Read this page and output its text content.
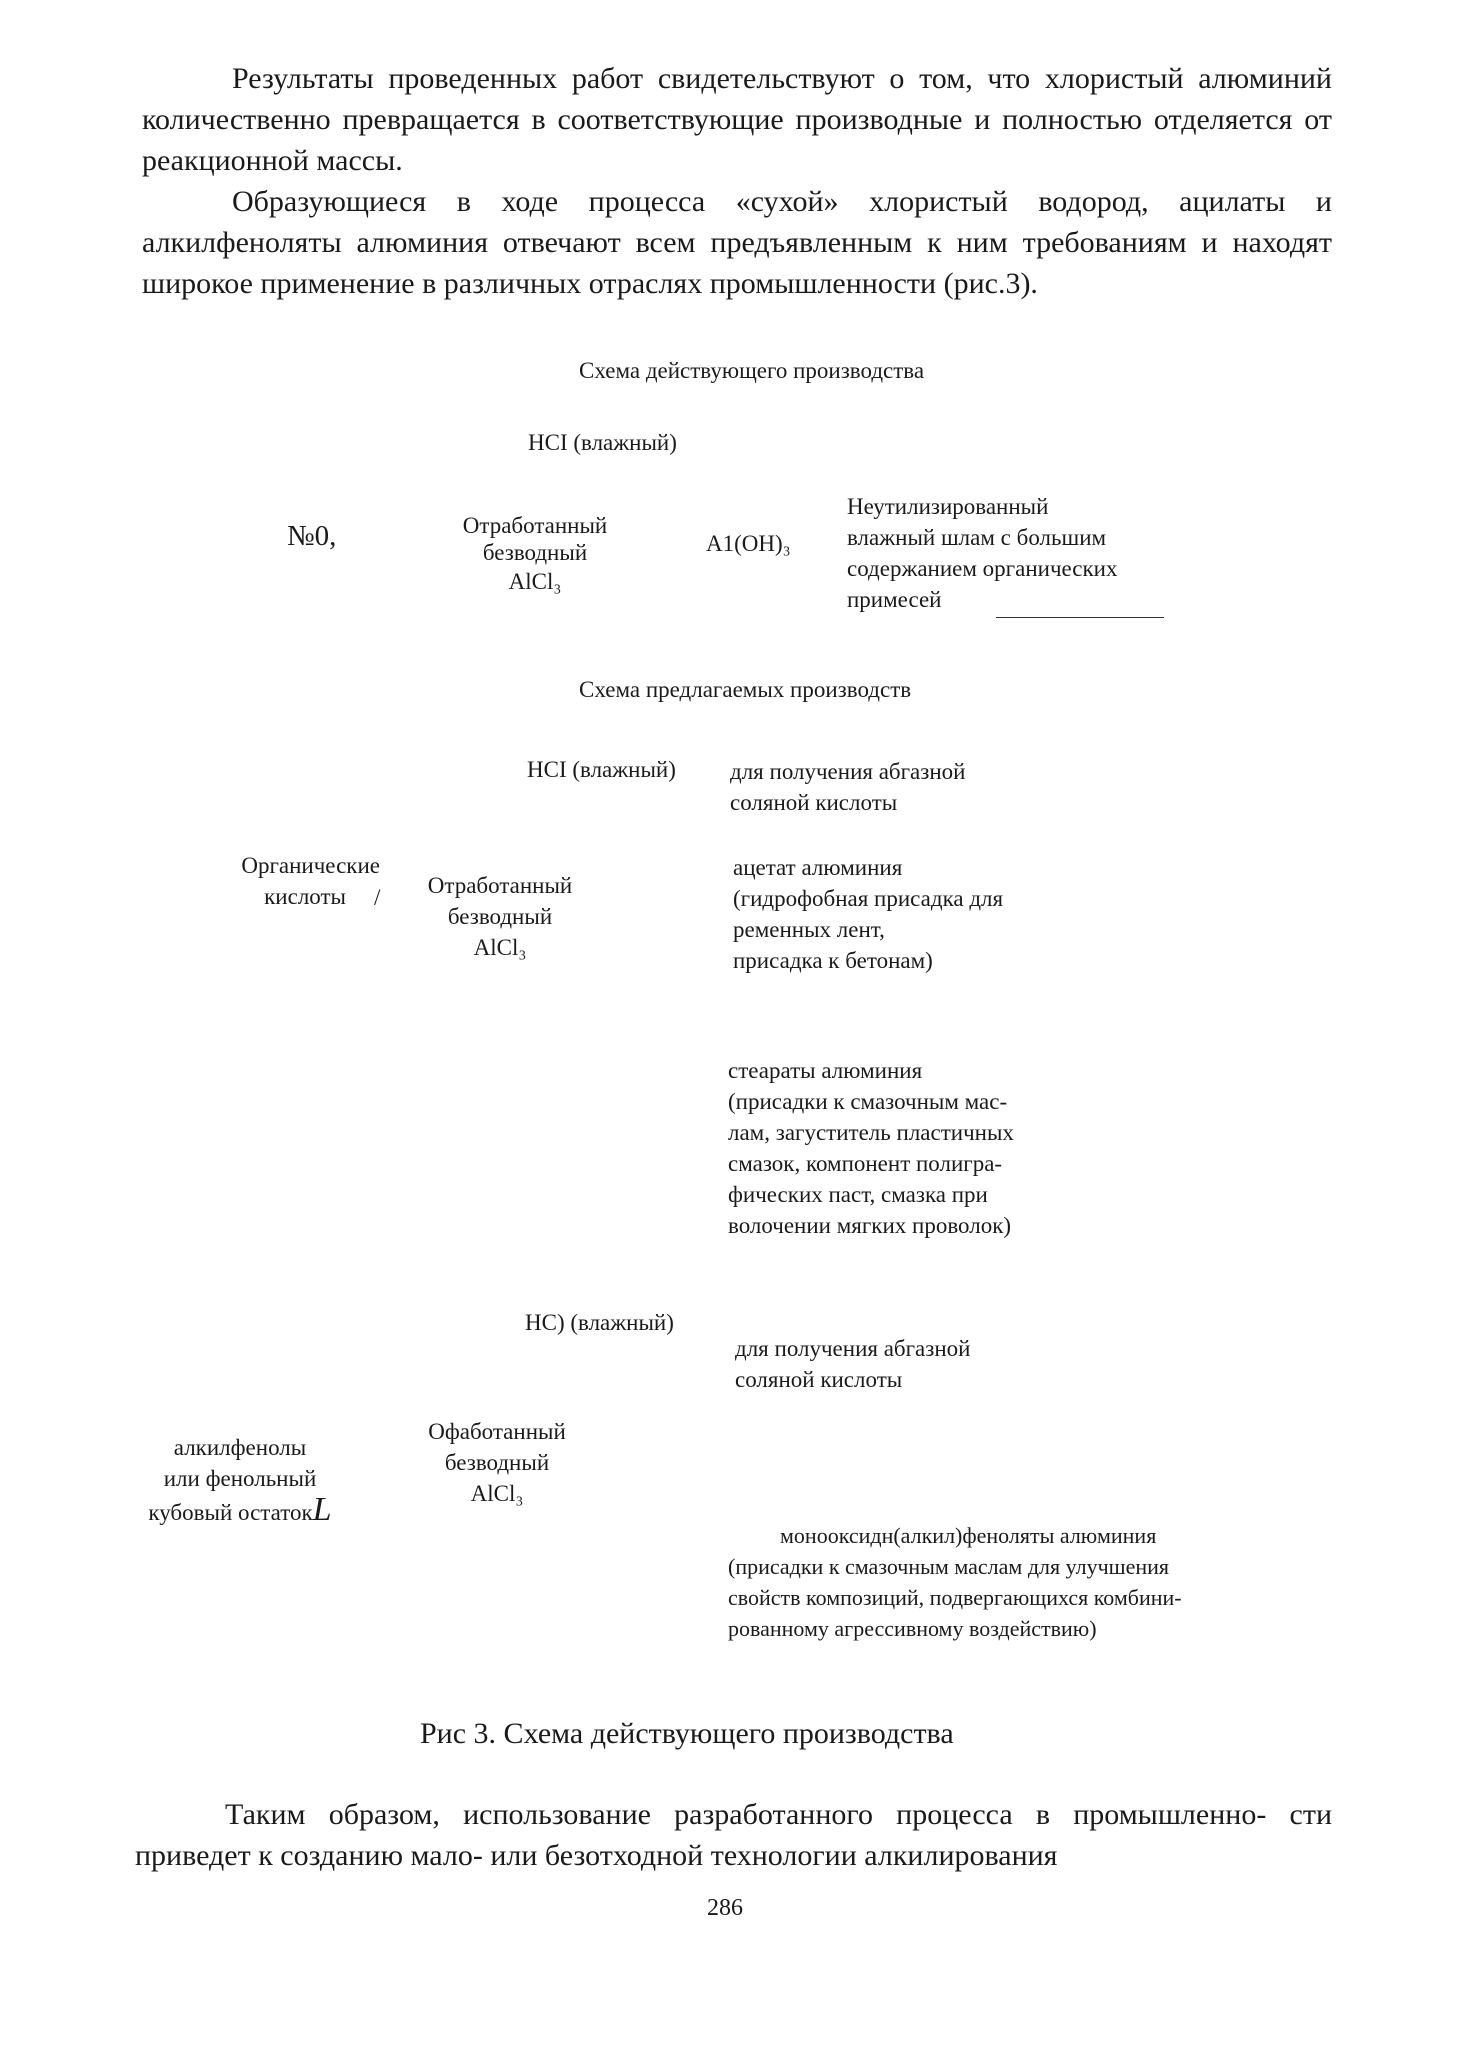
Результаты проведенных работ свидетельствуют о том, что хлористый алюминий количественно превращается в соответствующие производные и полностью отделяется от реакционной массы.

Образующиеся в ходе процесса «сухой» хлористый водород, ацилаты и алкилфеноляты алюминия отвечают всем предъявленным к ним требованиям и находят широкое применение в различных отраслях промышленности (рис.3).

Схема действующего производства
HCI (влажный)
№0,	Отработанный
безводный
AlCl₃
A1(OH)₃
Неутилизированный
влажный шлам с большим
содержанием органических
примесей
Схема предлагаемых производств
HCI (влажный) для получения абгазной
соляной кислоты
Органические
кислоты /	Отработанный
безводный
AlCl₃
ацетат алюминия
(гидрофобная присадка для
ременных лент,
присадка к бетонам)
стеараты алюминия
(присадки к смазочным мас-
лам, загуститель пластичных
смазок, компонент полигра-
фических паст, смазка при
волочении мягких проволок)
НС) (влажный)
для получения абгазной
соляной кислоты
алкилфенолы
или фенольный
кубовый остатокL
Офаботанный
безводный
AlCl₃
монооксидн(алкил)феноляты алюминия
(присадки к смазочным маслам для улучшения
свойств композиций, подвергающихся комбини-
рованному агрессивному воздействию)
Рис 3. Схема действующего производства

Таким образом, использование разработанного процесса в промышленно- сти приведет к созданию мало- или безотходной технологии алкилирования

286
